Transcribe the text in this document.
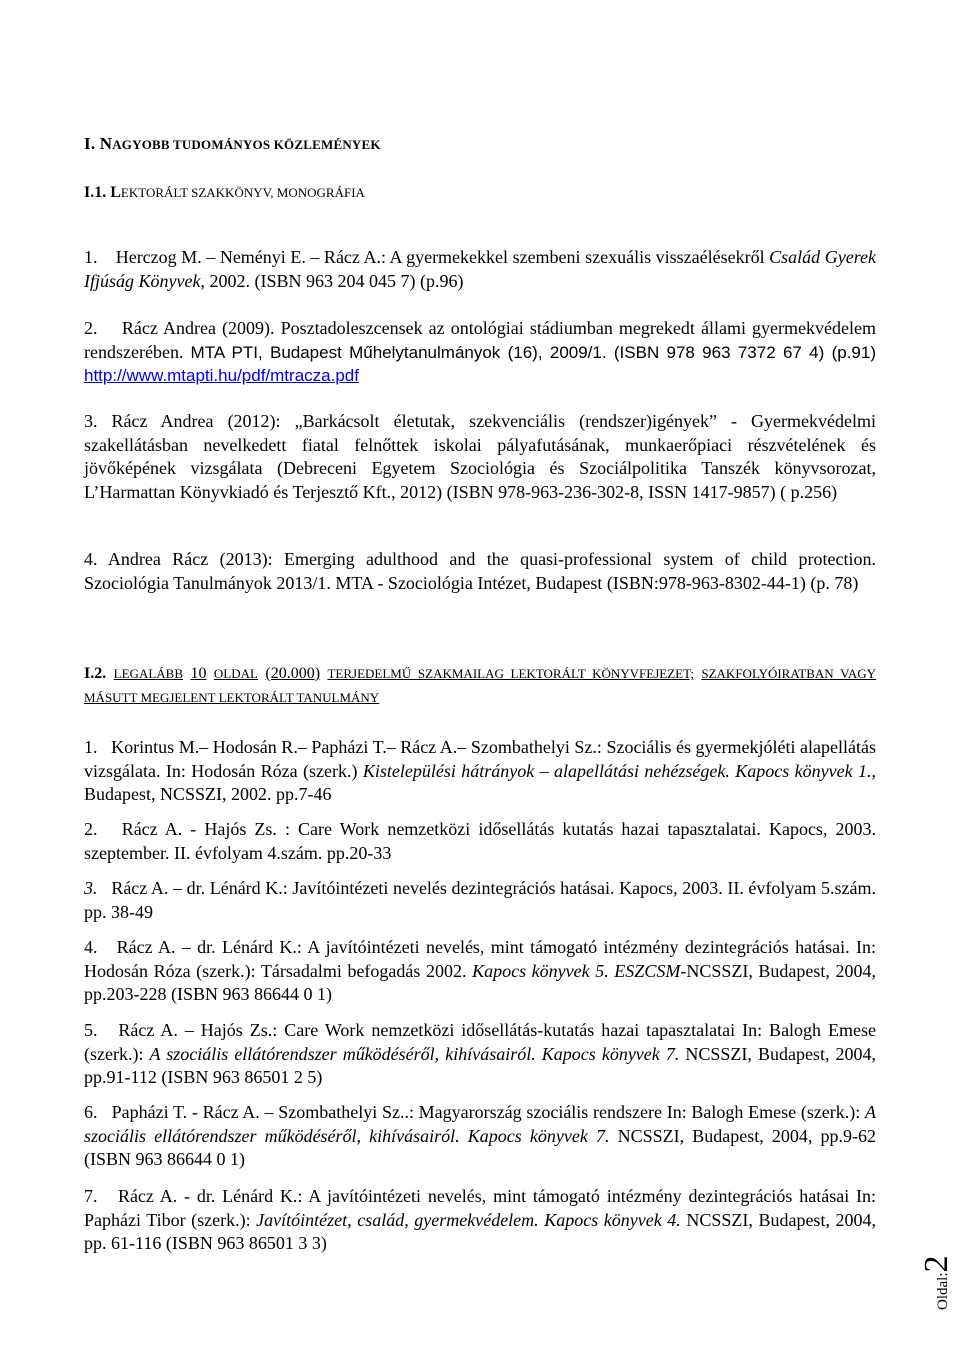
I. NAGYOBB TUDOMÁNYOS KÖZLEMÉNYEK
I.1. LEKTORÁLT SZAKKÖNYV, MONOGRÁFIA
1. Herczog M. – Neményi E. – Rácz A.: A gyermekekkel szembeni szexuális visszaélésekről Család Gyerek Ifjúság Könyvek, 2002. (ISBN 963 204 045 7) (p.96)
2. Rácz Andrea (2009). Posztadoleszcensek az ontológiai stádiumban megrekedt állami gyermekvédelem rendszerében. MTA PTI, Budapest Műhelytanulmányok (16), 2009/1. (ISBN 978 963 7372 67 4) (p.91) http://www.mtapti.hu/pdf/mtracza.pdf
3. Rácz Andrea (2012): „Barkácsolt életutak, szekvenciális (rendszer)igények” - Gyermekvédelmi szakellátásban nevelkedett fiatal felnőttek iskolai pályafutásának, munkaerőpiaci részvételének és jövőképének vizsgálata (Debreceni Egyetem Szociológia és Szociálpolitika Tanszék könyvsorozat, L’Harmattan Könyvkiadó és Terjesztő Kft., 2012) (ISBN 978-963-236-302-8, ISSN 1417-9857) ( p.256)
4. Andrea Rácz (2013): Emerging adulthood and the quasi-professional system of child protection. Szociológia Tanulmányok 2013/1. MTA - Szociológia Intézet, Budapest (ISBN:978-963-8302-44-1) (p. 78)
I.2. LEGALÁBB 10 OLDAL (20.000) TERJEDELMŰ SZAKMAILAG LEKTORÁLT KÖNYVFEJEZET; SZAKFOLYÓIRATBAN VAGY MÁSUTT MEGJELENT LEKTORÁLT TANULMÁNY
1. Korintus M.– Hodosán R.– Papházi T.– Rácz A.– Szombathelyi Sz.: Szociális és gyermekjóléti alapellátás vizsgálata. In: Hodosán Róza (szerk.) Kistelepülési hátrányok – alapellátási nehézségek. Kapocs könyvek 1., Budapest, NCSSZI, 2002. pp.7-46
2. Rácz A. - Hajós Zs. : Care Work nemzetközi idősellátás kutatás hazai tapasztalatai. Kapocs, 2003. szeptember. II. évfolyam 4.szám. pp.20-33
3. Rácz A. – dr. Lénárd K.: Javítóintézeti nevelés dezintegrációs hatásai. Kapocs, 2003. II. évfolyam 5.szám. pp. 38-49
4. Rácz A. – dr. Lénárd K.: A javítóintézeti nevelés, mint támogató intézmény dezintegrációs hatásai. In: Hodosán Róza (szerk.): Társadalmi befogadás 2002. Kapocs könyvek 5. ESZCSM-NCSSZI, Budapest, 2004, pp.203-228 (ISBN 963 86644 0 1)
5. Rácz A. – Hajós Zs.: Care Work nemzetközi idősellátás-kutatás hazai tapasztalatai In: Balogh Emese (szerk.): A szociális ellátórendszer működéséről, kihívásairól. Kapocs könyvek 7. NCSSZI, Budapest, 2004, pp.91-112 (ISBN 963 86501 2 5)
6. Papházi T. - Rácz A. – Szombathelyi Sz..: Magyarország szociális rendszere In: Balogh Emese (szerk.): A szociális ellátórendszer működéséről, kihívásairól. Kapocs könyvek 7. NCSSZI, Budapest, 2004, pp.9-62 (ISBN 963 86644 0 1)
7. Rácz A. - dr. Lénárd K.: A javítóintézeti nevelés, mint támogató intézmény dezintegrációs hatásai In: Papházi Tibor (szerk.): Javítóintézet, család, gyermekvédelem. Kapocs könyvek 4. NCSSZI, Budapest, 2004, pp. 61-116 (ISBN 963 86501 3 3)
Oldal:2
